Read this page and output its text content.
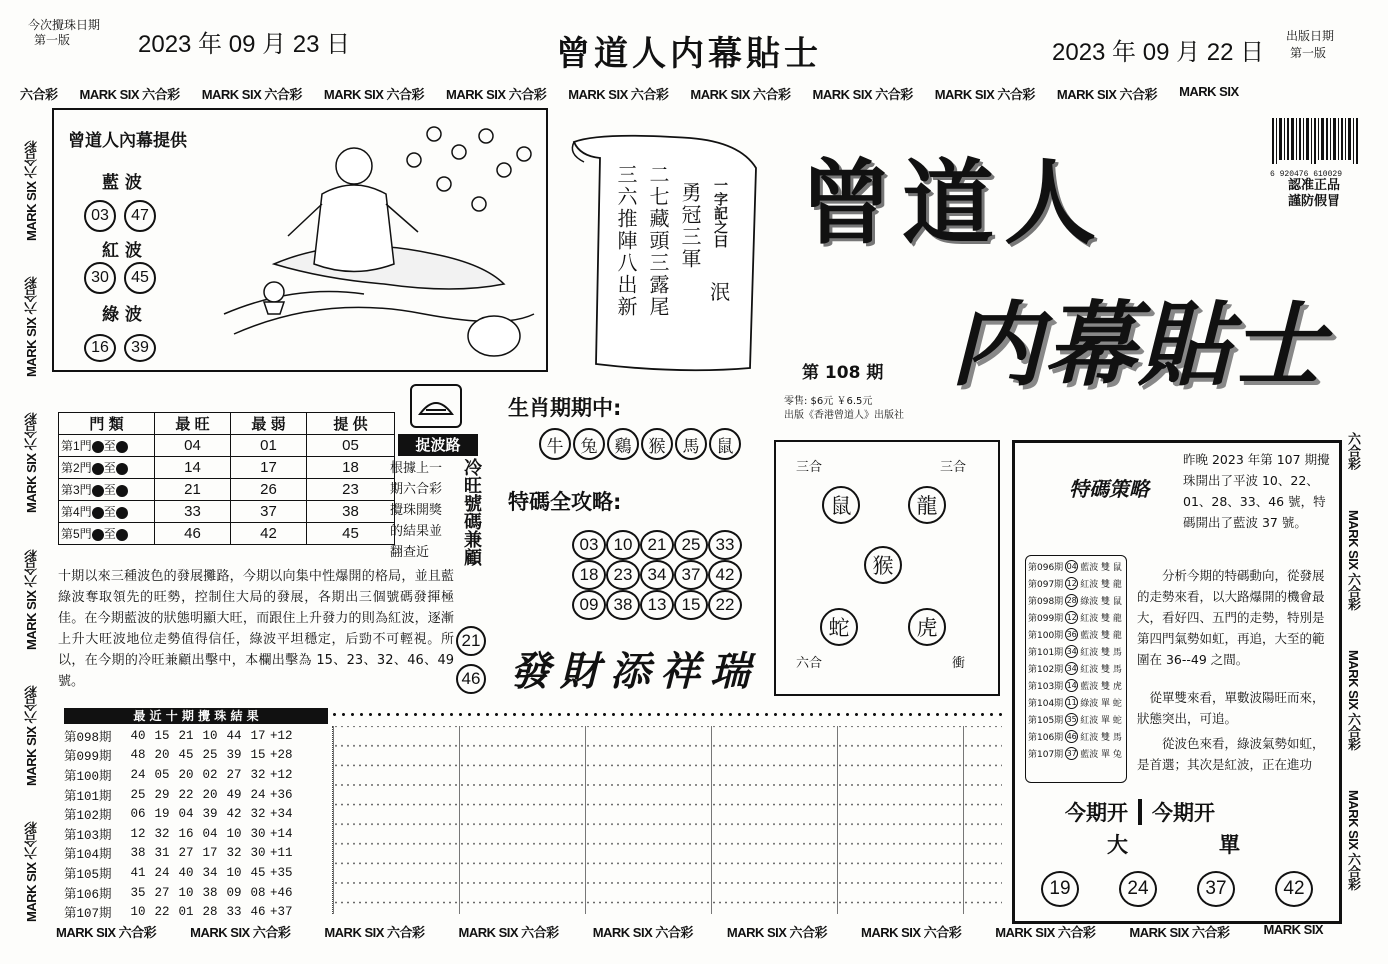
今次攪珠日期
第一版	2023 年 09 月 23 日	曾道人内幕貼士	2023 年 09 月 22 日
出版日期
第一版
六合彩 MARK SIX 六合彩 MARK SIX 六合彩 MARK SIX 六合彩 MARK SIX 六合彩 MARK SIX 六合彩 MARK SIX 六合彩 MARK SIX 六合彩 MARK SIX 六合彩 MARK SIX 六合彩 MARK SIX
MARK SIX 六合彩
MARK SIX 六合彩
MARK SIX 六合彩
MARK SIX 六合彩
MARK SIX 六合彩
MARK SIX 六合彩
六合彩
MARK SIX 六合彩
MARK SIX 六合彩
MARK SIX 六合彩
MARK SIX 六合彩	MARK SIX 六合彩	MARK SIX 六合彩	MARK SIX 六合彩	MARK SIX 六合彩	MARK SIX 六合彩	MARK SIX 六合彩	MARK SIX 六合彩	MARK SIX 六合彩	MARK SIX
6 920476 610029
認准正品
謹防假冒
曾道人內幕提供
藍 波
03	47
紅 波
30	45
綠 波
16	39
三六推陣八出新 二七藏頭三露尾 勇冠三軍 一字記之曰
泯
曾道人
内幕貼士
第 108 期
零售: $6元 ￥6.5元
出版《香港曾道人》出版社
門 類	最 旺	最 弱	提 供
第1門 至	04	01	05
第2門 至	14	17	18
第3門 至	21	26	23
第4門 至	33	37	38
第5門 至	46	42	45
捉波路
根據上一期六合彩攪珠開獎的結果並翻查近	冷旺號碼兼顧
21
46
十期以來三種波色的發展攤路，今期以向集中性爆開的格局，並且藍綠波奪取領先的旺勢，控制住大局的發展，各期出三個號碼發揮極佳。在今期藍波的狀態明顯大旺，而跟住上升發力的則為紅波，逐漸上升大旺波地位走勢值得信任，綠波平坦穩定，后勁不可輕視。所以，在今期的冷旺兼顧出擊中，本欄出擊為 15、23、32、46、49 號。
生肖期期中:
牛	兔	鷄	猴	馬	鼠
特碼全攻略:
03 10 21 25 33
18 23 34 37 42
09 38 13 15 22
發財添祥瑞
三合	三合
鼠	龍
猴
蛇	虎
六合	衝
特碼策略
第096期 04 藍波 雙 鼠
第097期 12 紅波 雙 龍
第098期 28 綠波 雙 鼠
第099期 12 紅波 雙 龍
第100期 36 藍波 雙 龍
第101期 34 紅波 雙 馬
第102期 34 紅波 雙 馬
第103期 14 藍波 雙 虎
第104期 11 綠波 單 蛇
第105期 35 紅波 單 蛇
第106期 46 紅波 雙 馬
第107期 37 藍波 單 兔
昨晚 2023 年第 107 期攪珠開出了平波 10、22、01、28、33、46 號，特碼開出了藍波 37 號。
分析今期的特碼動向，從發展的走勢來看，以大路爆開的機會最大，看好四、五門的走勢，特別是第四門氣勢如虹，再追，大至的範圍在 36--49 之間。
從單雙來看，單數波陽旺而來，狀態突出，可追。
從波色來看，綠波氣勢如虹，是首選；其次是紅波，正在進功
今期开 今期开
大	單
19	24	37	42
最 近 十 期 攪 珠 結 果
第098期	40 15 21 10 44 17 +12
第099期	48 20 45 25 39 15 +28
第100期	24 05 20 02 27 32 +12
第101期	25 29 22 20 49 24 +36
第102期	06 19 04 39 42 32 +34
第103期	12 32 16 04 10 30 +14
第104期	38 31 27 17 32 30 +11
第105期	41 24 40 34 10 45 +35
第106期	35 27 10 38 09 08 +46
第107期	10 22 01 28 33 46 +37
